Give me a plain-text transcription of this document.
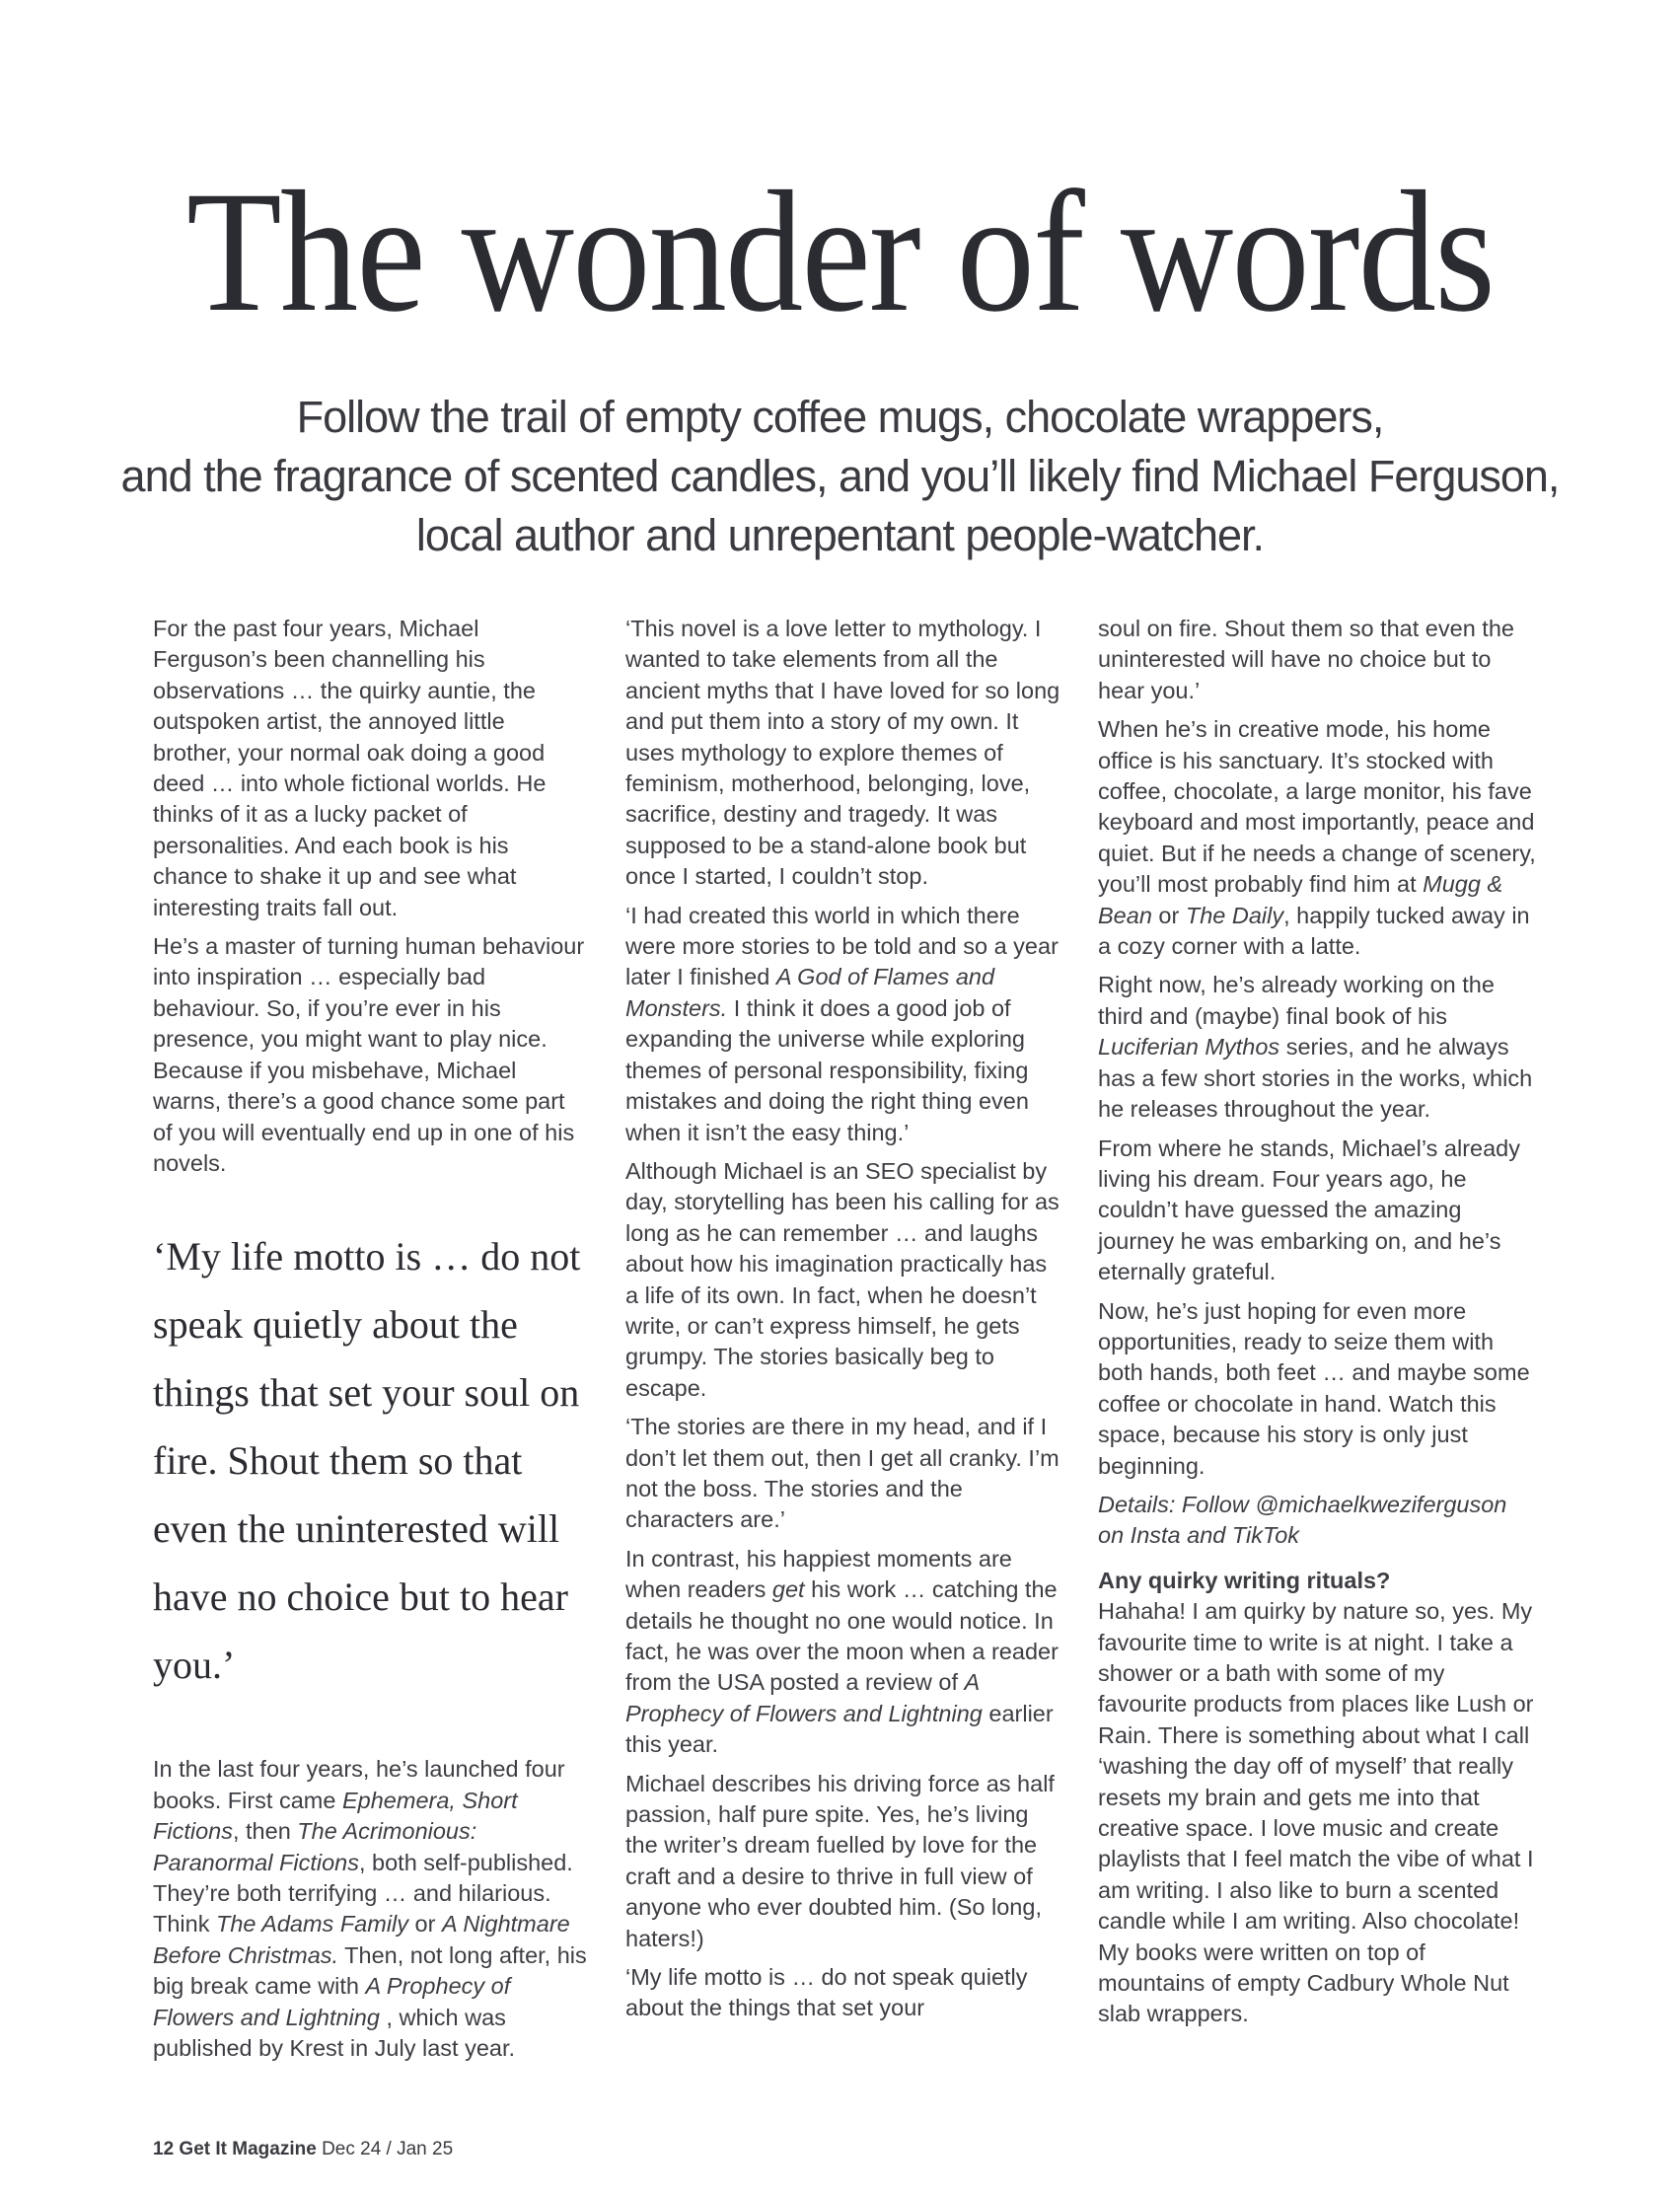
The wonder of words
Follow the trail of empty coffee mugs, chocolate wrappers,
and the fragrance of scented candles, and you’ll likely find Michael Ferguson,
local author and unrepentant people-watcher.

For the past four years, Michael Ferguson’s been channelling his observations … the quirky auntie, the outspoken artist, the annoyed little brother, your normal oak doing a good deed … into whole fictional worlds. He thinks of it as a lucky packet of personalities. And each book is his chance to shake it up and see what interesting traits fall out.

He’s a master of turning human behaviour into inspiration … especially bad behaviour. So, if you’re ever in his presence, you might want to play nice. Because if you misbehave, Michael warns, there’s a good chance some part of you will eventually end up in one of his novels.

‘My life motto is … do not speak quietly about the things that set your soul on fire. Shout them so that even the uninterested will have no choice but to hear you.’

In the last four years, he’s launched four books. First came Ephemera, Short Fictions, then The Acrimonious: Paranormal Fictions, both self-published. They’re both terrifying … and hilarious. Think The Adams Family or A Nightmare Before Christmas. Then, not long after, his big break came with A Prophecy of Flowers and Lightning , which was published by Krest in July last year.

‘This novel is a love letter to mythology. I wanted to take elements from all the ancient myths that I have loved for so long and put them into a story of my own. It uses mythology to explore themes of feminism, motherhood, belonging, love, sacrifice, destiny and tragedy. It was supposed to be a stand-alone book but once I started, I couldn’t stop.

‘I had created this world in which there were more stories to be told and so a year later I finished A God of Flames and Monsters. I think it does a good job of expanding the universe while exploring themes of personal responsibility, fixing mistakes and doing the right thing even when it isn’t the easy thing.’

Although Michael is an SEO specialist by day, storytelling has been his calling for as long as he can remember … and laughs about how his imagination practically has a life of its own. In fact, when he doesn’t write, or can’t express himself, he gets grumpy. The stories basically beg to escape.

‘The stories are there in my head, and if I don’t let them out, then I get all cranky. I’m not the boss. The stories and the characters are.’

In contrast, his happiest moments are when readers get his work … catching the details he thought no one would notice. In fact, he was over the moon when a reader from the USA posted a review of A Prophecy of Flowers and Lightning earlier this year.

Michael describes his driving force as half passion, half pure spite. Yes, he’s living the writer’s dream fuelled by love for the craft and a desire to thrive in full view of anyone who ever doubted him. (So long, haters!)

‘My life motto is … do not speak quietly about the things that set your

soul on fire. Shout them so that even the uninterested will have no choice but to hear you.’

When he’s in creative mode, his home office is his sanctuary. It’s stocked with coffee, chocolate, a large monitor, his fave keyboard and most importantly, peace and quiet. But if he needs a change of scenery, you’ll most probably find him at Mugg & Bean or The Daily, happily tucked away in a cozy corner with a latte.

Right now, he’s already working on the third and (maybe) final book of his Luciferian Mythos series, and he always has a few short stories in the works, which he releases throughout the year.

From where he stands, Michael’s already living his dream. Four years ago, he couldn’t have guessed the amazing journey he was embarking on, and he’s eternally grateful.

Now, he’s just hoping for even more opportunities, ready to seize them with both hands, both feet … and maybe some coffee or chocolate in hand. Watch this space, because his story is only just beginning.

Details: Follow @michaelkweziferguson on Insta and TikTok

Any quirky writing rituals?

Hahaha! I am quirky by nature so, yes. My favourite time to write is at night. I take a shower or a bath with some of my favourite products from places like Lush or Rain. There is something about what I call ‘washing the day off of myself’ that really resets my brain and gets me into that creative space. I love music and create playlists that I feel match the vibe of what I am writing. I also like to burn a scented candle while I am writing. Also chocolate! My books were written on top of mountains of empty Cadbury Whole Nut slab wrappers.

12 Get It Magazine Dec 24 / Jan 25
